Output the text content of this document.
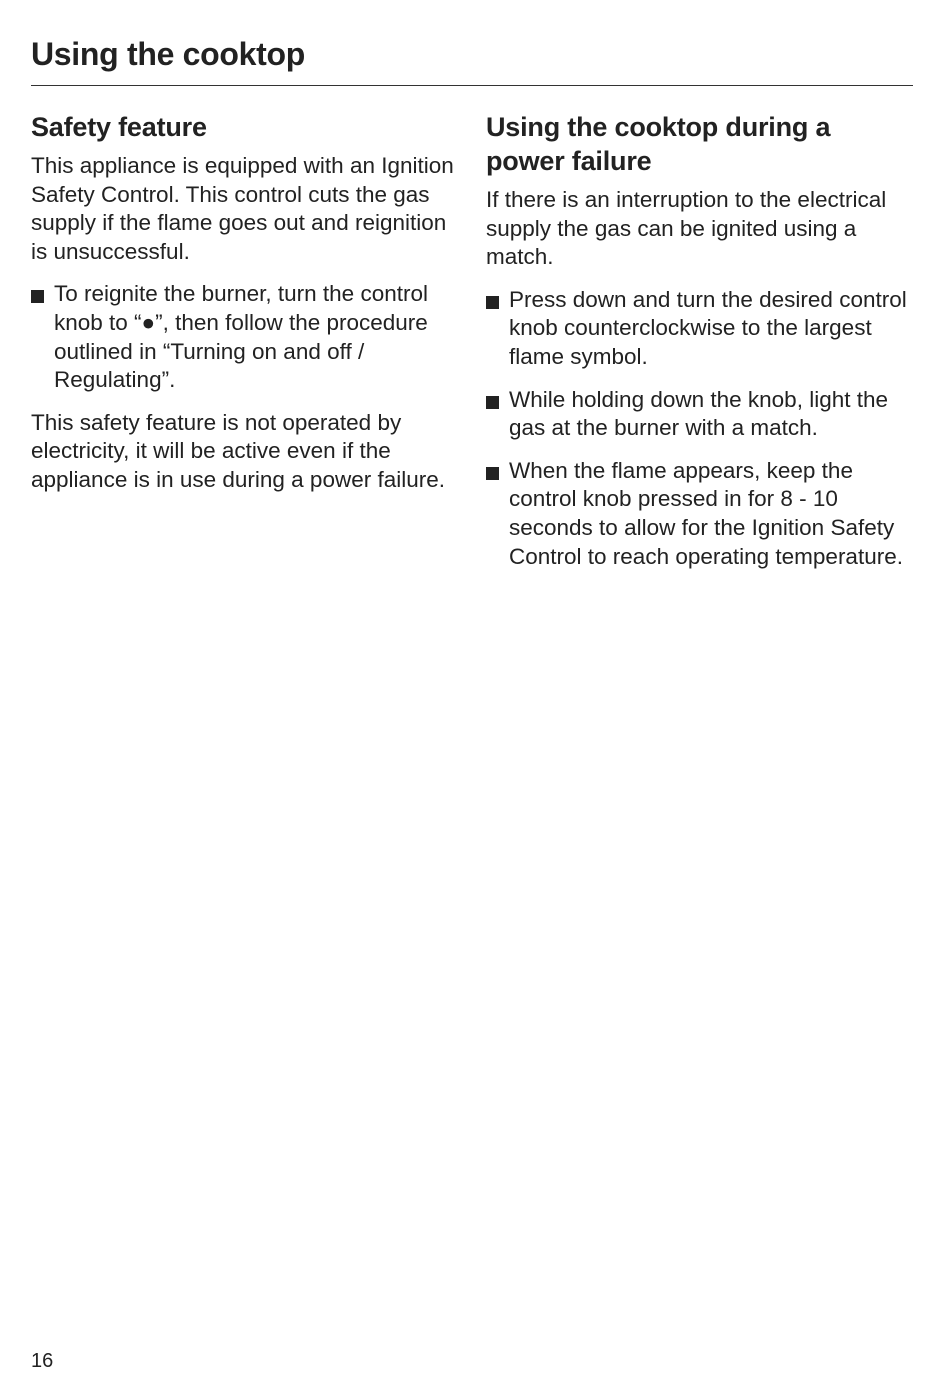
Using the cooktop
Safety feature

This appliance is equipped with an Ignition Safety Control. This control cuts the gas supply if the flame goes out and reignition is unsuccessful.

To reignite the burner, turn the control knob to “●”, then follow the procedure outlined in “Turning on and off / Regulating”.

This safety feature is not operated by electricity, it will be active even if the appliance is in use during a power failure.

Using the cooktop during a power failure

If there is an interruption to the electrical supply the gas can be ignited using a match.

Press down and turn the desired control knob counterclockwise to the largest flame symbol.
While holding down the knob, light the gas at the burner with a match.
When the flame appears, keep the control knob pressed in for 8 - 10 seconds to allow for the Ignition Safety Control to reach operating temperature.
16
